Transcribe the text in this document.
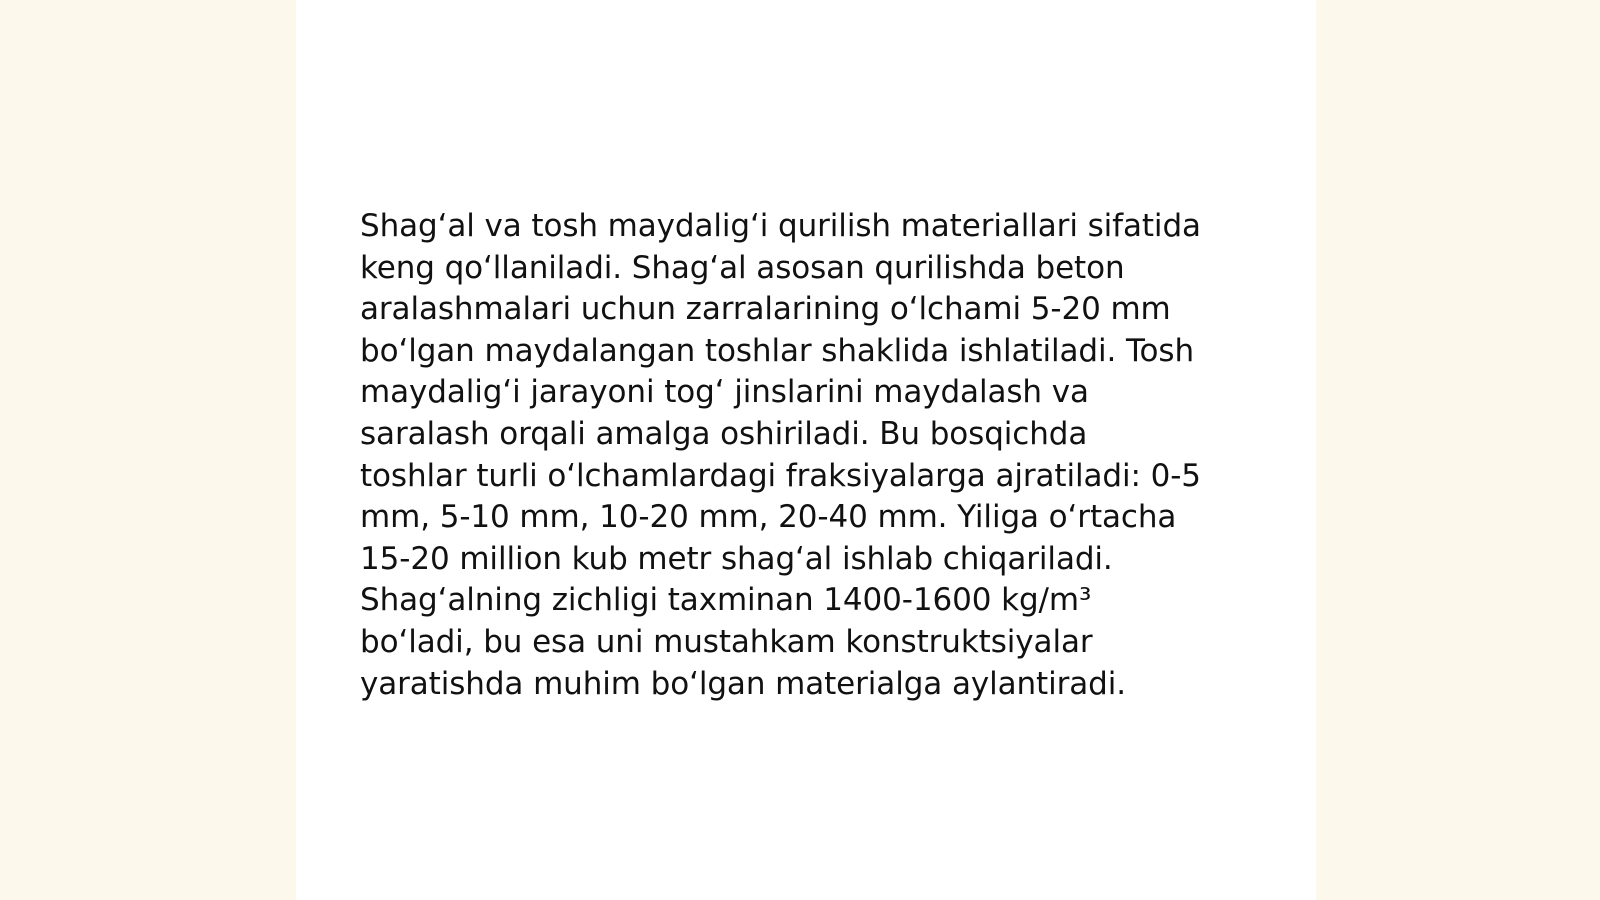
Shag‘al va tosh maydalig‘i qurilish materiallari sifatida
keng qo‘llaniladi. Shag‘al asosan qurilishda beton
aralashmalari uchun zarralarining o‘lchami 5-20 mm
bo‘lgan maydalangan toshlar shaklida ishlatiladi. Tosh
maydalig‘i jarayoni tog‘ jinslarini maydalash va
saralash orqali amalga oshiriladi. Bu bosqichda
toshlar turli o‘lchamlardagi fraksiyalarga ajratiladi: 0-5
mm, 5-10 mm, 10-20 mm, 20-40 mm. Yiliga o‘rtacha
15-20 million kub metr shag‘al ishlab chiqariladi.
Shag‘alning zichligi taxminan 1400-1600 kg/m³
bo‘ladi, bu esa uni mustahkam konstruktsiyalar
yaratishda muhim bo‘lgan materialga aylantiradi.
